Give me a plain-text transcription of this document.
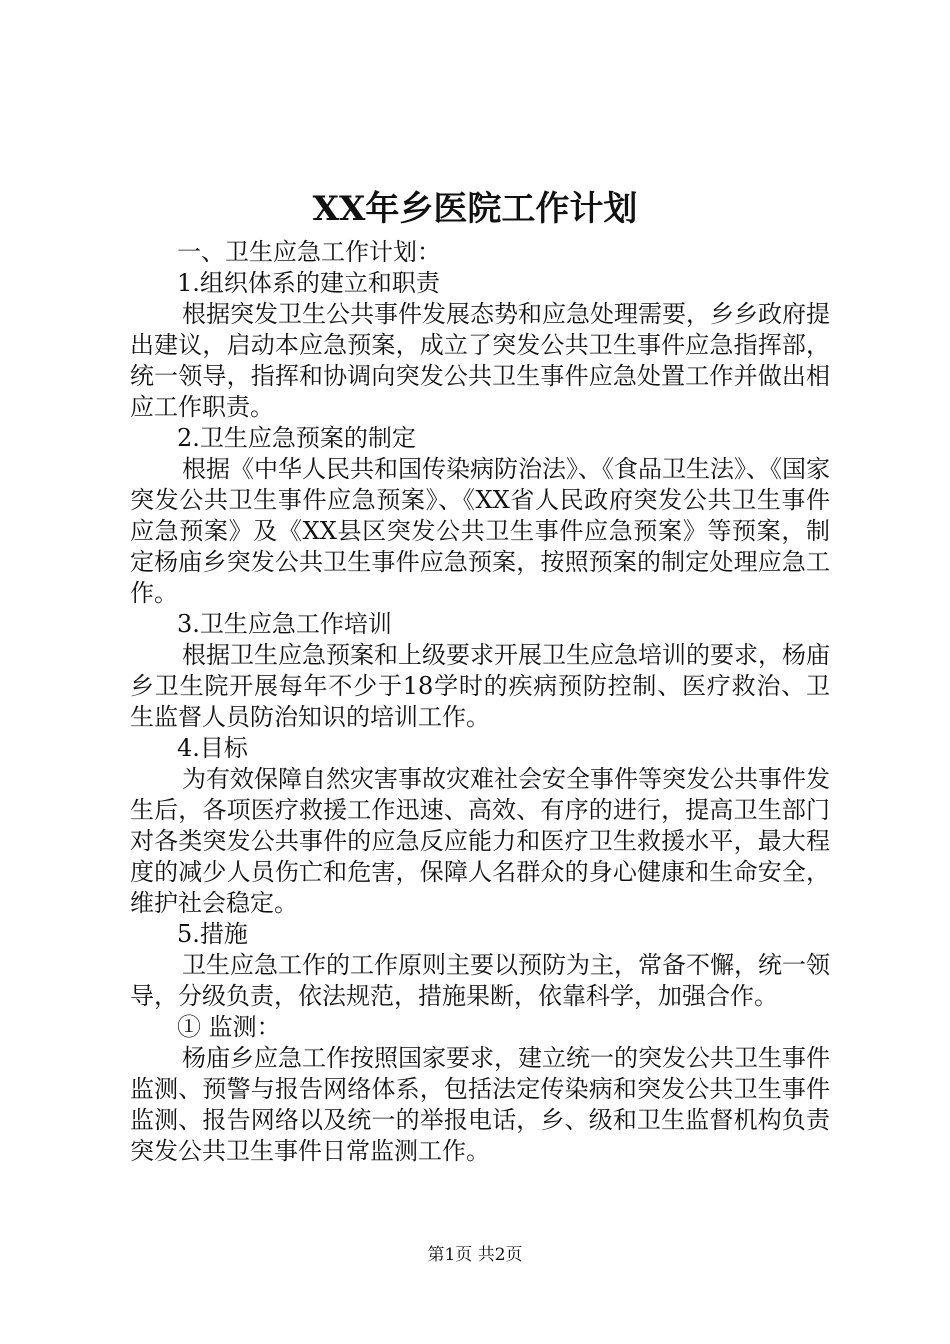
XX年乡医院工作计划

一、卫生应急工作计划：

1.组织体系的建立和职责

根据突发卫生公共事件发展态势和应急处理需要，乡乡政府提出建议，启动本应急预案，成立了突发公共卫生事件应急指挥部，统一领导，指挥和协调向突发公共卫生事件应急处置工作并做出相应工作职责。

2.卫生应急预案的制定

根据《中华人民共和国传染病防治法》、《食品卫生法》、《国家突发公共卫生事件应急预案》、《XX省人民政府突发公共卫生事件应急预案》及《XX县区突发公共卫生事件应急预案》等预案，制定杨庙乡突发公共卫生事件应急预案，按照预案的制定处理应急工作。

3.卫生应急工作培训

根据卫生应急预案和上级要求开展卫生应急培训的要求，杨庙乡卫生院开展每年不少于18学时的疾病预防控制、医疗救治、卫生监督人员防治知识的培训工作。

4.目标

为有效保障自然灾害事故灾难社会安全事件等突发公共事件发生后，各项医疗救援工作迅速、高效、有序的进行，提高卫生部门对各类突发公共事件的应急反应能力和医疗卫生救援水平，最大程度的减少人员伤亡和危害，保障人名群众的身心健康和生命安全，维护社会稳定。

5.措施

卫生应急工作的工作原则主要以预防为主，常备不懈，统一领导，分级负责，依法规范，措施果断，依靠科学，加强合作。

① 监测：

杨庙乡应急工作按照国家要求，建立统一的突发公共卫生事件监测、预警与报告网络体系，包括法定传染病和突发公共卫生事件监测、报告网络以及统一的举报电话，乡、级和卫生监督机构负责突发公共卫生事件日常监测工作。

第1页 共2页
